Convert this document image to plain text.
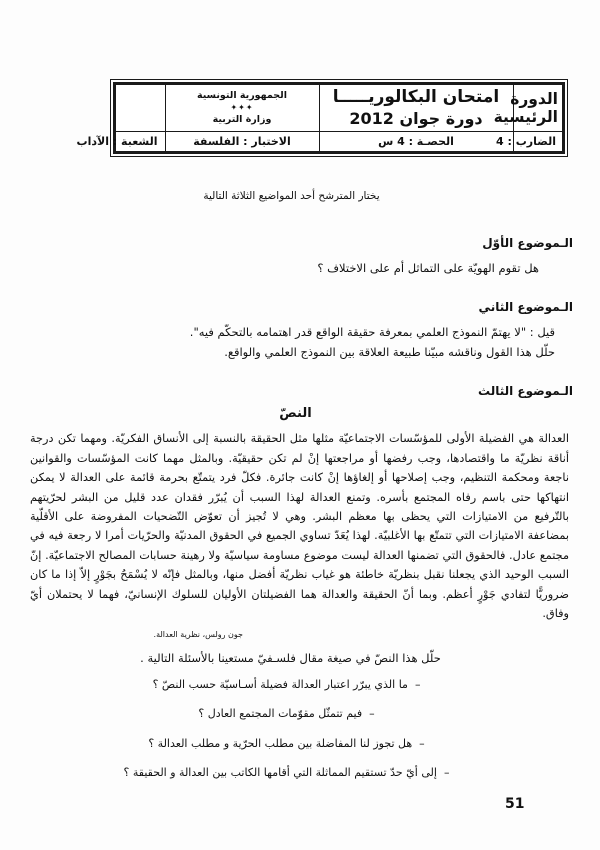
الدورة الرئيسية	
امتحان البكالوريـــــا
دورة جوان 2012

الجمهورية التونسية
✦✦✦
وزارة التربية

الضارب : 4	الحصـة : 4 س	الاختبار : الفلسفة	الشعبة : الآداب

يختار المترشح أحد المواضيع الثلاثة التالية

الـموضوع الأوّل

هل تقوم الهويّة على التماثل أم على الاختلاف ؟

الـموضوع الثاني

قيل : "لا يهتمّ النموذج العلمي بمعرفة حقيقة الواقع قدر اهتمامه بالتحكّم فيه".

حلّل هذا القول وناقشه مبيّنا طبيعة العلاقة بين النموذج العلمي والواقع.

الـموضوع الثالث
النصّ

العدالة هي الفضيلة الأولى للمؤسّسات الاجتماعيّة مثلها مثل الحقيقة بالنسبة إلى الأنساق الفكريّة. ومهما تكن درجة أناقة نظريّة ما واقتصادها، وجب رفضها أو مراجعتها إنْ لم تكن حقيقيّة. وبالمثل مهما كانت المؤسّسات والقوانين ناجعة ومحكمة التنظيم، وجب إصلاحها أو إلغاؤها إنْ كانت جائرة. فكلّ فرد يتمتّع بحرمة قائمة على العدالة لا يمكن انتهاكها حتى باسم رفاه المجتمع بأسره. وتمنع العدالة لهذا السبب أن يُبرّر فقدان عدد قليل من البشر لحرّيتهم بالتّرفيع من الامتيازات التي يحظى بها معظم البشر. وهي لا تُجيز أن تعوّض التّضحيات المفروضة على الأقلّية بمضاعفة الامتيازات التي تتمتّع بها الأغلبيّة. لهذا يُعَدّ تساوي الجميع في الحقوق المدنيّة والحرّيات أمرا لا رجعة فيه في مجتمع عادل. فالحقوق التي تضمنها العدالة ليست موضوع مساومة سياسيّة ولا رهينة حسابات المصالح الاجتماعيّة. إنّ السبب الوحيد الذي يجعلنا نقبل بنظريّة خاطئة هو غياب نظريّة أفضل منها، وبالمثل فإنّه لا يُسْمَحُ بجَوْرٍ إلاّ إذا ما كان ضروريًّا لتفادي جَوْرٍ أعظم. وبما أنّ الحقيقة والعدالة هما الفضيلتان الأوليان للسلوك الإنسانيّ، فهما لا يحتملان أيّ وفاق.

جون رولس، نظرية العدالة.

حلّل هذا النصّ في صيغة مقال فلسـفيّ مستعينا بالأسئلة التالية .

–ما الذي يبرّر اعتبار العدالة فضيلة أسـاسيّة حسب النصّ ؟
–فيم تتمثّل مقوّمات المجتمع العادل ؟
–هل تجوز لنا المفاضلة بين مطلب الحرّية و مطلب العدالة ؟
–إلى أيّ حدّ تستقيم المماثلة التي أقامها الكاتب بين العدالة و الحقيقة ؟
51
